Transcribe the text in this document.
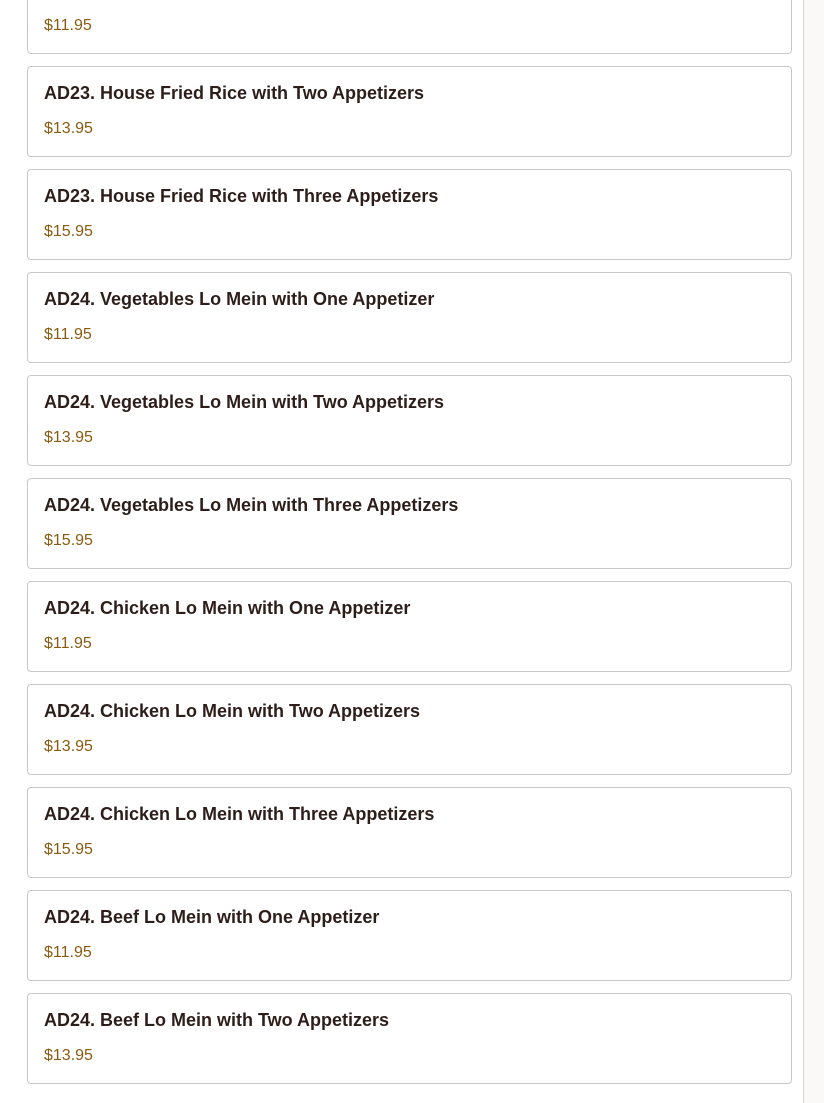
$11.95
AD23. House Fried Rice with Two Appetizers
$13.95
AD23. House Fried Rice with Three Appetizers
$15.95
AD24. Vegetables Lo Mein with One Appetizer
$11.95
AD24. Vegetables Lo Mein with Two Appetizers
$13.95
AD24. Vegetables Lo Mein with Three Appetizers
$15.95
AD24. Chicken Lo Mein with One Appetizer
$11.95
AD24. Chicken Lo Mein with Two Appetizers
$13.95
AD24. Chicken Lo Mein with Three Appetizers
$15.95
AD24. Beef Lo Mein with One Appetizer
$11.95
AD24. Beef Lo Mein with Two Appetizers
$13.95
